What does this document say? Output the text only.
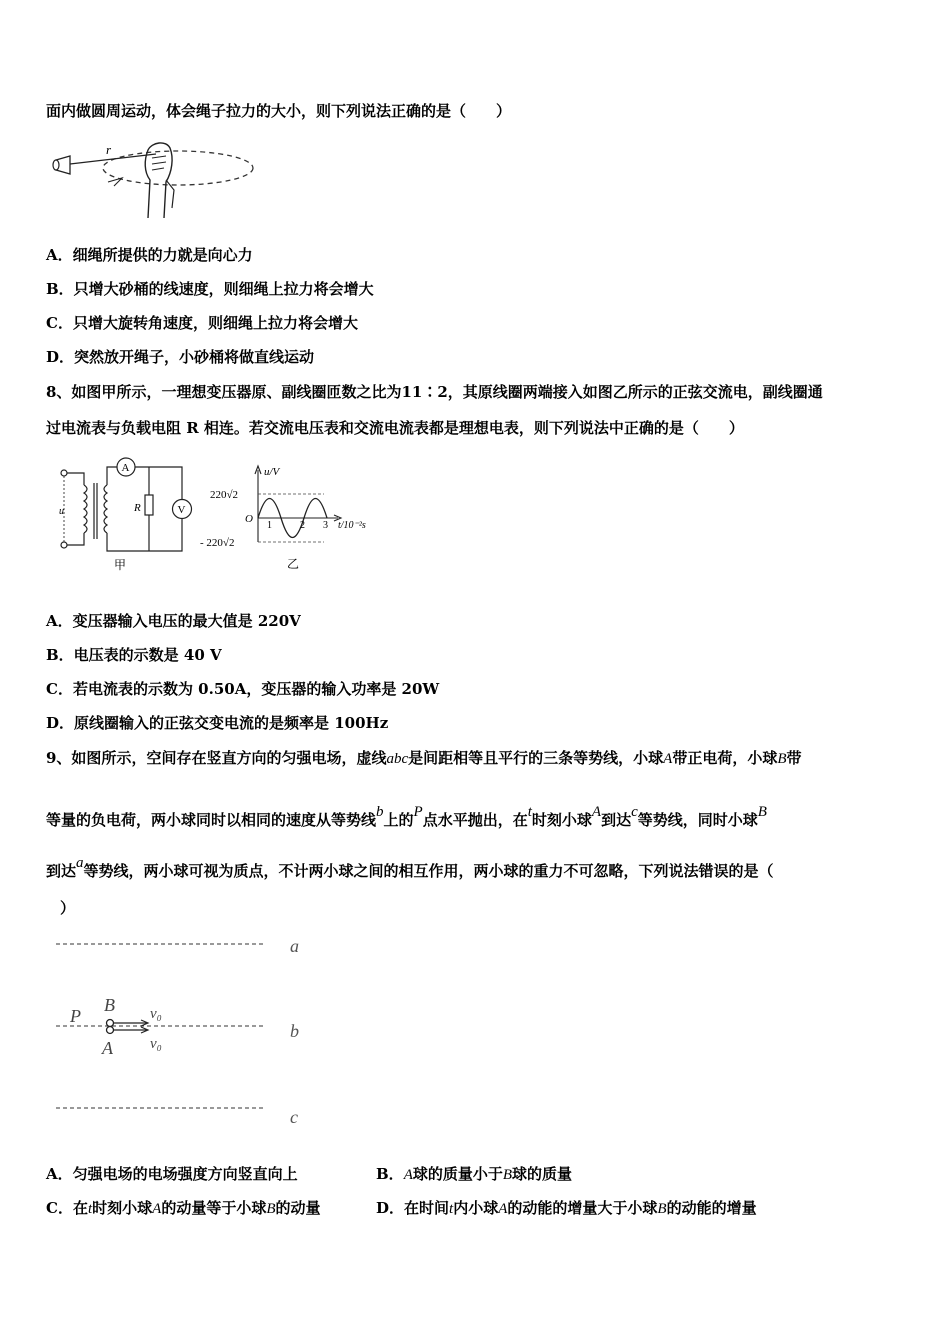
面内做圆周运动，体会绳子拉力的大小，则下列说法正确的是（　　）
r
A．细绳所提供的力就是向心力
B．只增大砂桶的线速度，则细绳上拉力将会增大
C．只增大旋转角速度，则细绳上拉力将会增大
D．突然放开绳子，小砂桶将做直线运动
8、如图甲所示，一理想变压器原、副线圈匝数之比为11∶2，其原线圈两端接入如图乙所示的正弦交流电，副线圈通
过电流表与负载电阻 R 相连。若交流电压表和交流电流表都是理想电表，则下列说法中正确的是（　　）
u
A
R	V
甲
u/V
220√2
- 220√2
O
1	2 3 t/10⁻²s
乙
A．变压器输入电压的最大值是 220V
B．电压表的示数是 40 V
C．若电流表的示数为 0.50A，变压器的输入功率是 20W
D．原线圈输入的正弦交变电流的是频率是 100Hz
9、如图所示，空间存在竖直方向的匀强电场，虚线abc是间距相等且平行的三条等势线，小球A带正电荷，小球B带
等量的负电荷，两小球同时以相同的速度从等势线b上的P点水平抛出，在t时刻小球A到达c等势线，同时小球B
到达a等势线，两小球可视为质点，不计两小球之间的相互作用，两小球的重力不可忽略，下列说法错误的是（
）
a
b
c
P
B
A
v₀
v₀
A．匀强电场的电场强度方向竖直向上	B．A球的质量小于B球的质量
C．在t时刻小球A的动量等于小球B的动量	D．在时间t内小球A的动能的增量大于小球B的动能的增量
